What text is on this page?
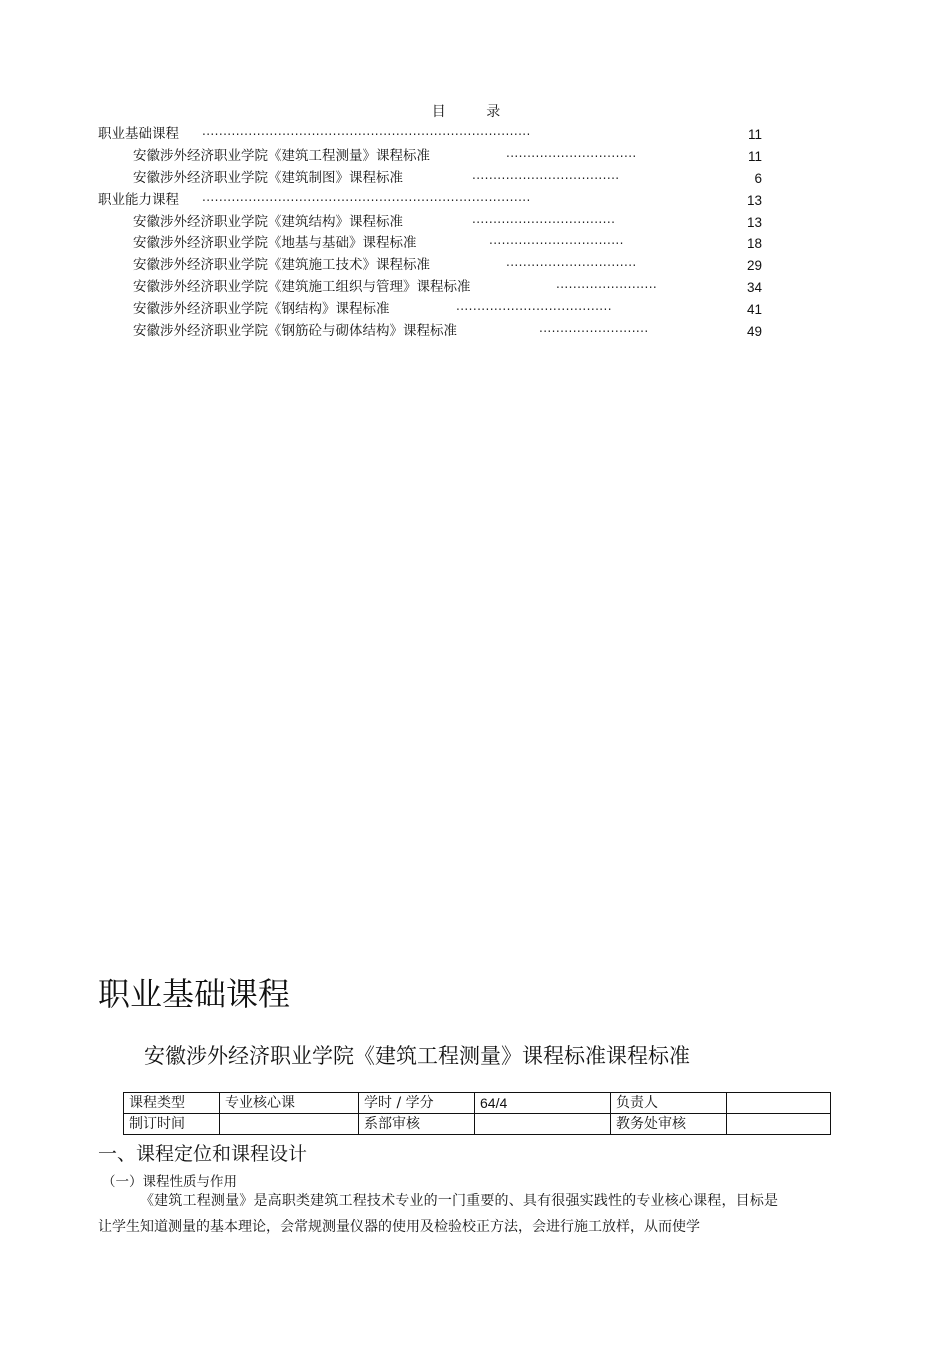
目 录
职业基础课程 ..............................................................................	11
安徽涉外经济职业学院《建筑工程测量》课程标准	...............................	11
安徽涉外经济职业学院《建筑制图》课程标准	...................................	6
职业能力课程 ..............................................................................	13
安徽涉外经济职业学院《建筑结构》课程标准	..................................	13
安徽涉外经济职业学院《地基与基础》课程标准	................................	18
安徽涉外经济职业学院《建筑施工技术》课程标准	...............................	29
安徽涉外经济职业学院《建筑施工组织与管理》课程标准	........................	34
安徽涉外经济职业学院《钢结构》课程标准	.....................................	41
安徽涉外经济职业学院《钢筋砼与砌体结构》课程标准	..........................	49
职业基础课程
安徽涉外经济职业学院《建筑工程测量》课程标准课程标准
课程类型	专业核心课	学时 / 学分	64/4	负责人	
制订时间		系部审核		教务处审核	
一、课程定位和课程设计
（一）课程性质与作用
《建筑工程测量》是高职类建筑工程技术专业的一门重要的、具有很强实践性的专业核心课程，目标是让学生知道测量的基本理论，会常规测量仪器的使用及检验校正方法，会进行施工放样，从而使学
